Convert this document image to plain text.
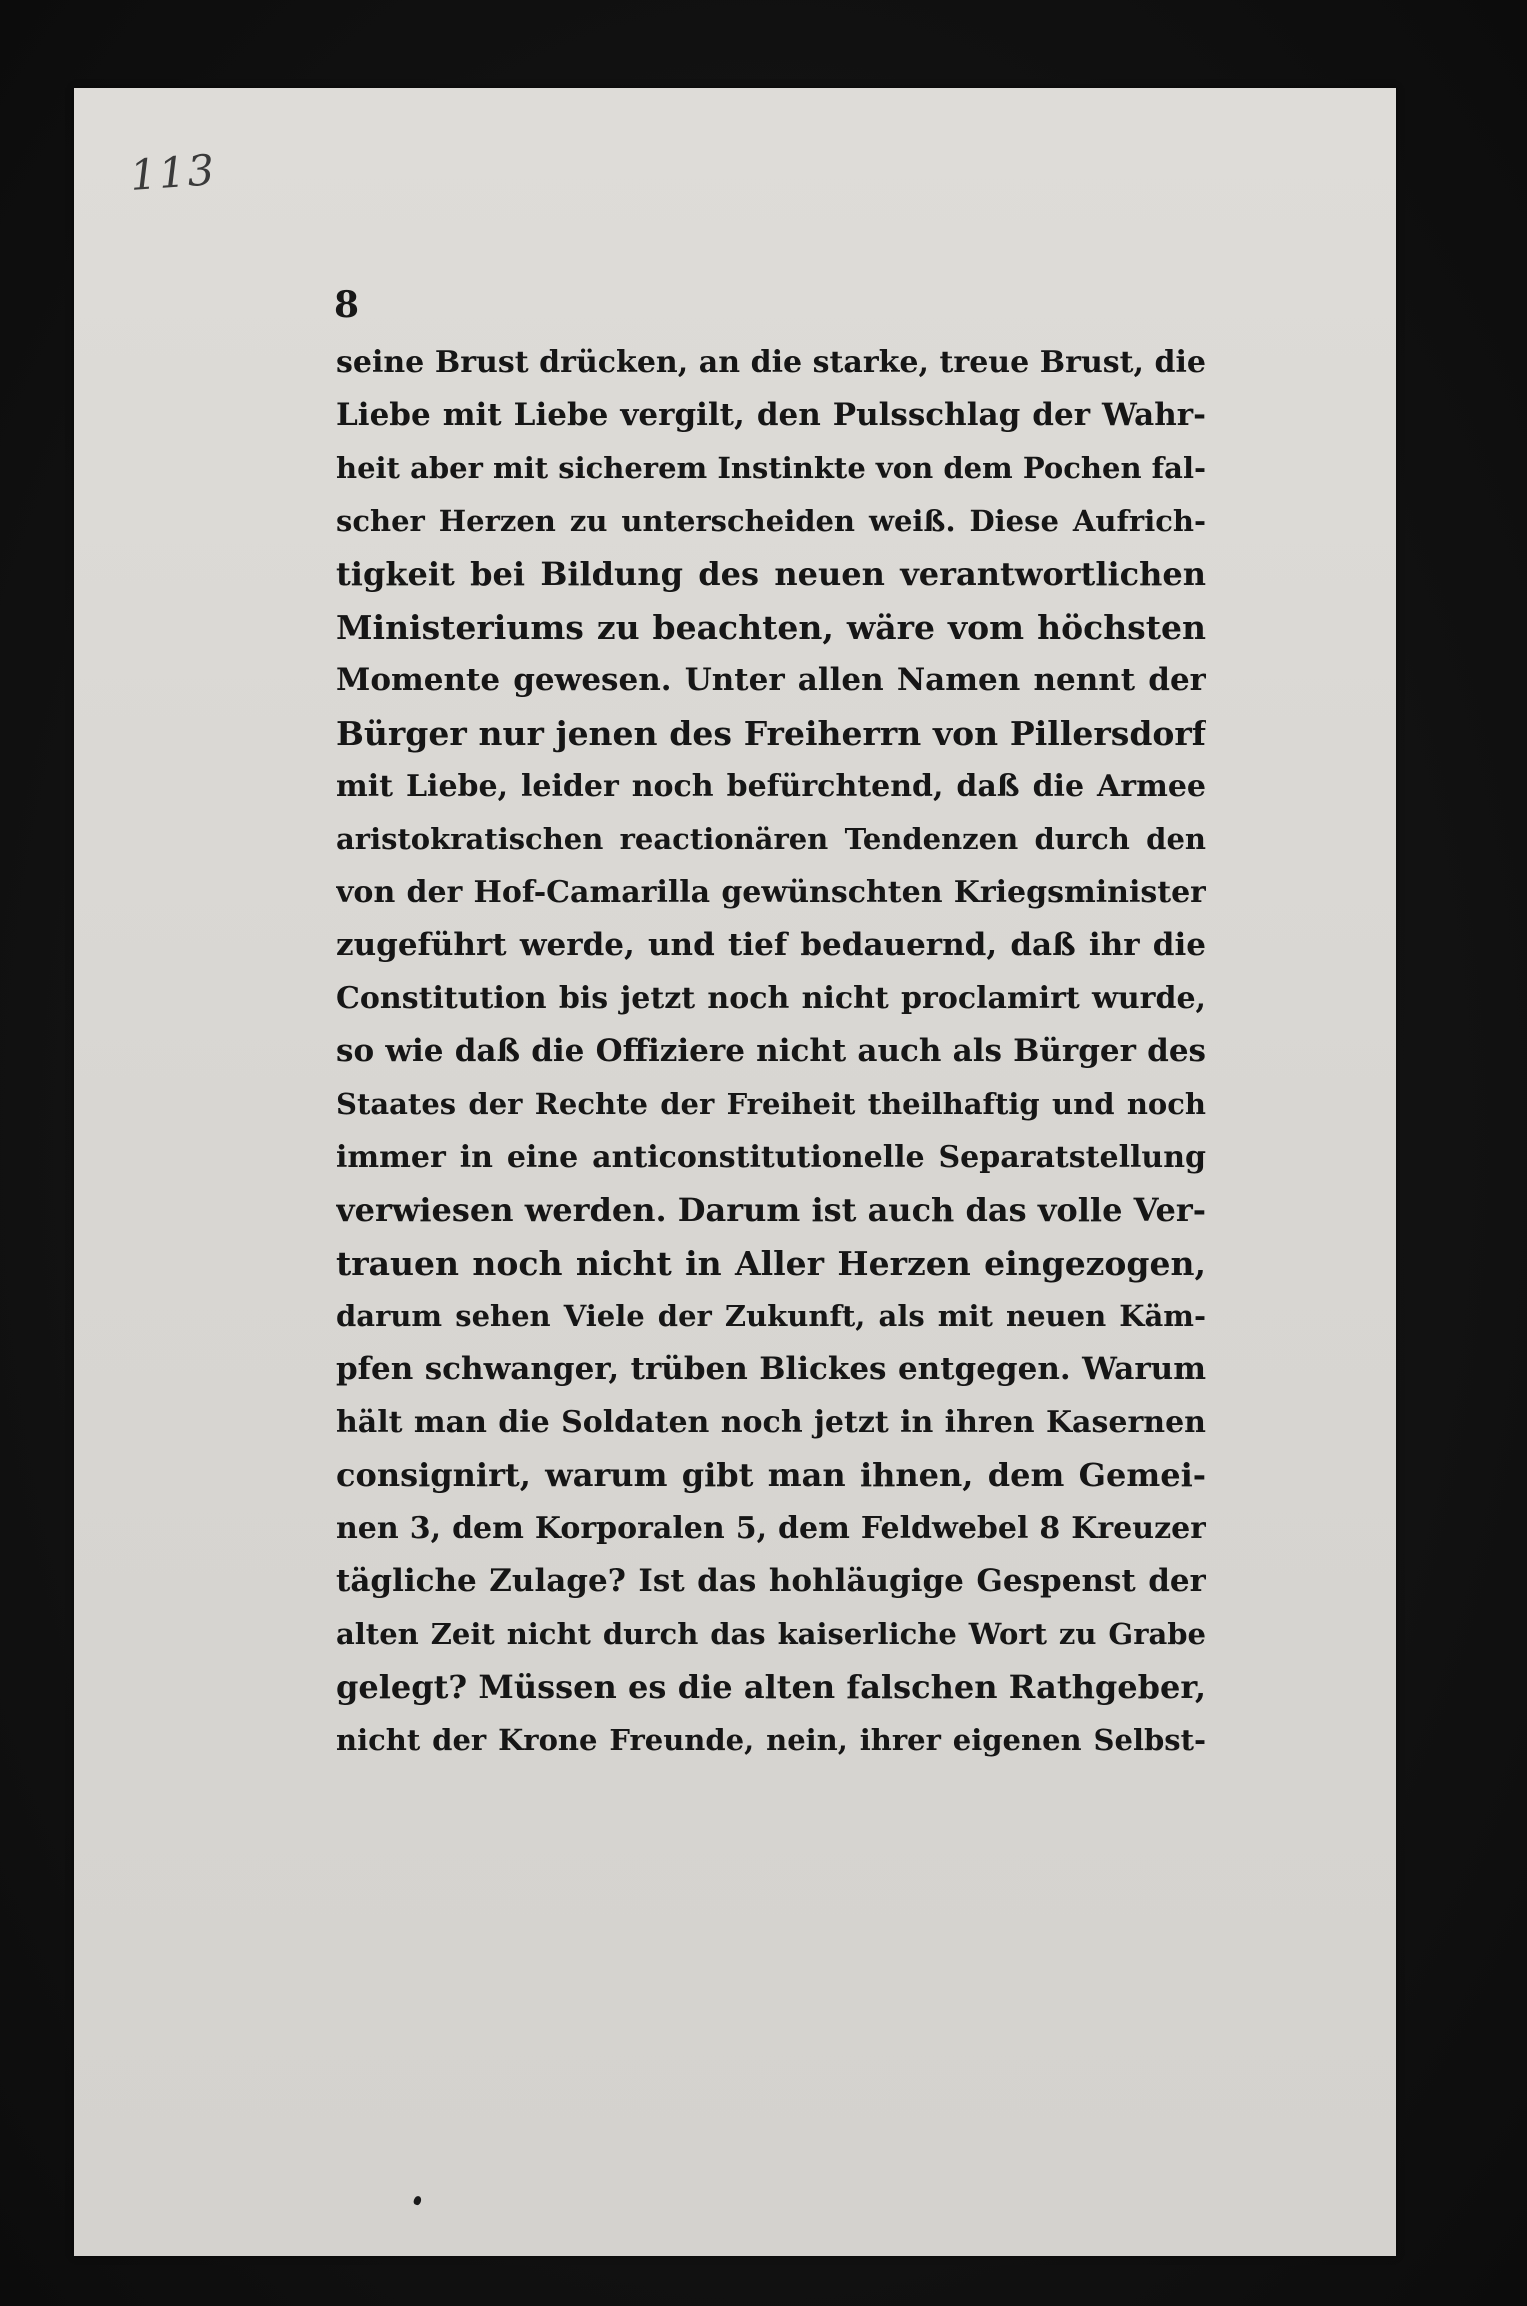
113
8
seine Brust drücken, an die starke, treue Brust, die
Liebe mit Liebe vergilt, den Pulsschlag der Wahr-
heit aber mit sicherem Instinkte von dem Pochen fal-
scher Herzen zu unterscheiden weiß. Diese Aufrich-
tigkeit bei Bildung des neuen verantwortlichen
Ministeriums zu beachten, wäre vom höchsten
Momente gewesen. Unter allen Namen nennt der
Bürger nur jenen des Freiherrn von Pillersdorf
mit Liebe, leider noch befürchtend, daß die Armee
aristokratischen reactionären Tendenzen durch den
von der Hof-Camarilla gewünschten Kriegsminister
zugeführt werde, und tief bedauernd, daß ihr die
Constitution bis jetzt noch nicht proclamirt wurde,
so wie daß die Offiziere nicht auch als Bürger des
Staates der Rechte der Freiheit theilhaftig und noch
immer in eine anticonstitutionelle Separatstellung
verwiesen werden. Darum ist auch das volle Ver-
trauen noch nicht in Aller Herzen eingezogen,
darum sehen Viele der Zukunft, als mit neuen Käm-
pfen schwanger, trüben Blickes entgegen. Warum
hält man die Soldaten noch jetzt in ihren Kasernen
consignirt, warum gibt man ihnen, dem Gemei-
nen 3, dem Korporalen 5, dem Feldwebel 8 Kreuzer
tägliche Zulage? Ist das hohläugige Gespenst der
alten Zeit nicht durch das kaiserliche Wort zu Grabe
gelegt? Müssen es die alten falschen Rathgeber,
nicht der Krone Freunde, nein, ihrer eigenen Selbst-
